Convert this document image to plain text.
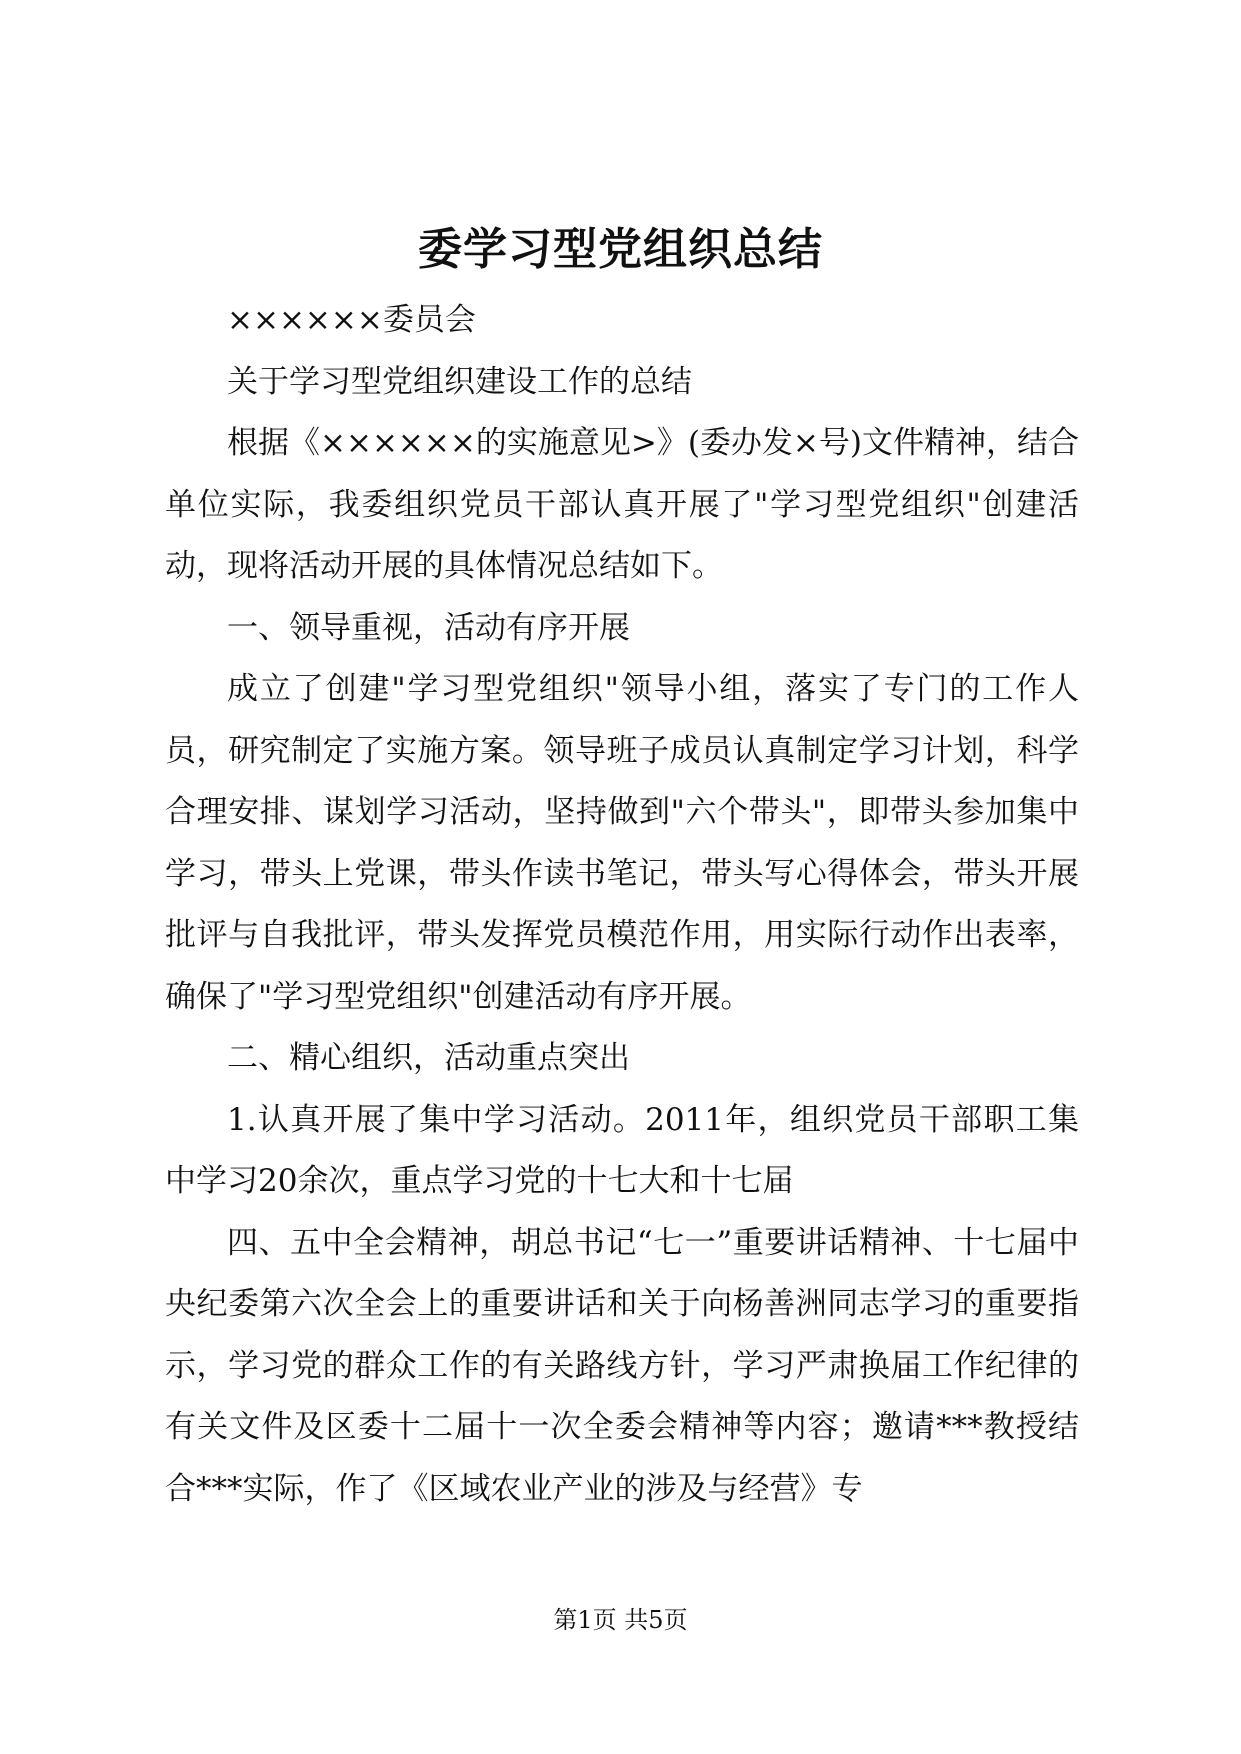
委学习型党组织总结

××××××委员会

关于学习型党组织建设工作的总结

根据《××××××的实施意见>》(委办发×号)文件精神，结合单位实际，我委组织党员干部认真开展了"学习型党组织"创建活动，现将活动开展的具体情况总结如下。

一、领导重视，活动有序开展

成立了创建"学习型党组织"领导小组，落实了专门的工作人员，研究制定了实施方案。领导班子成员认真制定学习计划，科学合理安排、谋划学习活动，坚持做到"六个带头"，即带头参加集中学习，带头上党课，带头作读书笔记，带头写心得体会，带头开展批评与自我批评，带头发挥党员模范作用，用实际行动作出表率，确保了"学习型党组织"创建活动有序开展。

二、精心组织，活动重点突出

1.认真开展了集中学习活动。2011年，组织党员干部职工集中学习20余次，重点学习党的十七大和十七届

四、五中全会精神，胡总书记“七一”重要讲话精神、十七届中央纪委第六次全会上的重要讲话和关于向杨善洲同志学习的重要指示，学习党的群众工作的有关路线方针，学习严肃换届工作纪律的有关文件及区委十二届十一次全委会精神等内容；邀请***教授结合***实际，作了《区域农业产业的涉及与经营》专

第1页 共5页
